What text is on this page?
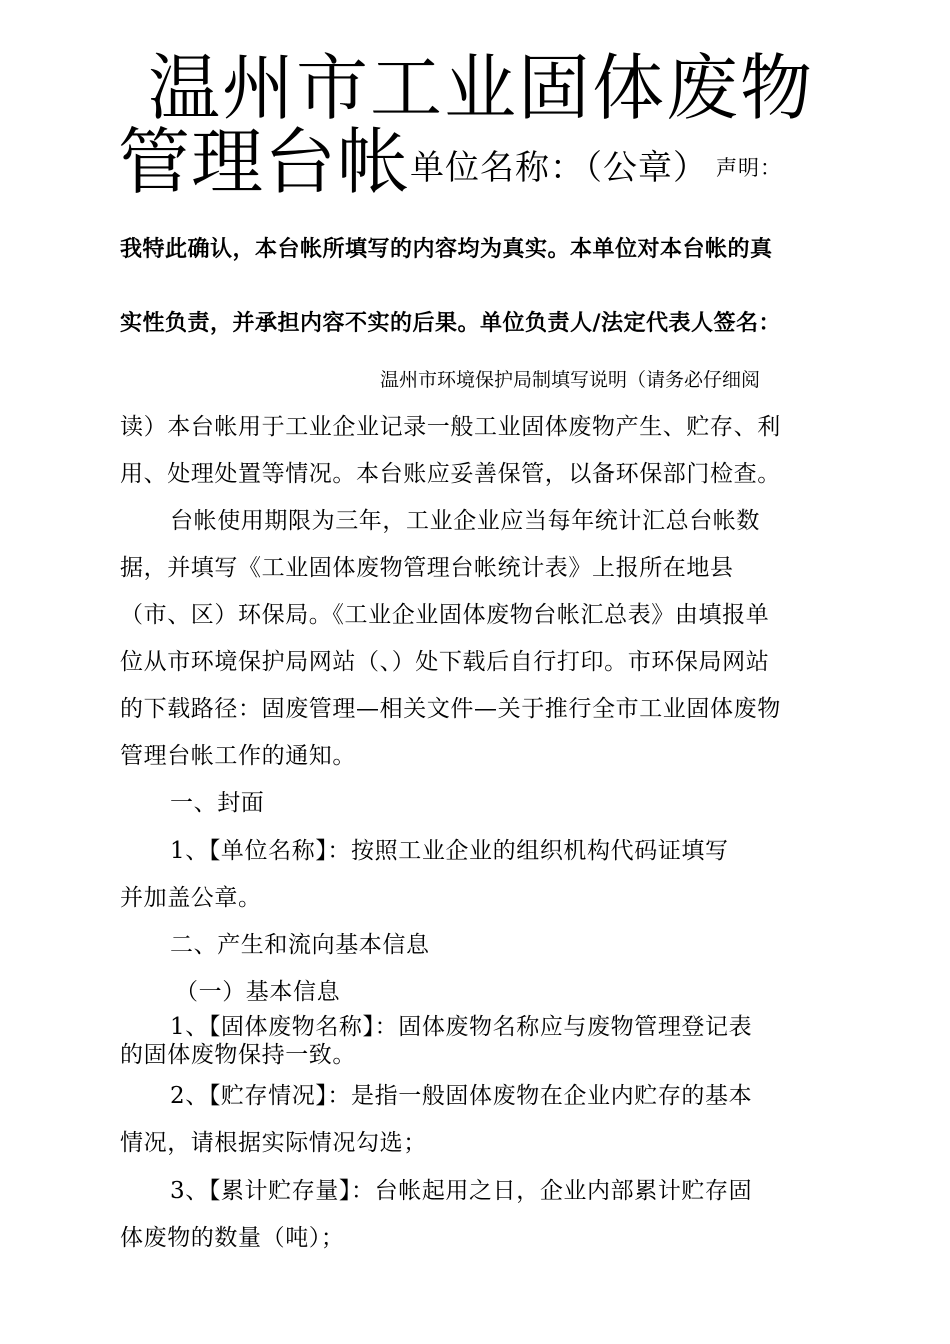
温州市工业固体废物
管理台帐单位名称：（公章） 声明：
我特此确认，本台帐所填写的内容均为真实。本单位对本台帐的真
实性负责，并承担内容不实的后果。单位负责人/法定代表人签名：
温州市环境保护局制填写说明（请务必仔细阅
读）本台帐用于工业企业记录一般工业固体废物产生、贮存、利
用、处理处置等情况。本台账应妥善保管，以备环保部门检查。
台帐使用期限为三年，工业企业应当每年统计汇总台帐数
据，并填写《工业固体废物管理台帐统计表》上报所在地县
（市、区）环保局。《工业企业固体废物台帐汇总表》由填报单
位从市环境保护局网站（、）处下载后自行打印。市环保局网站
的下载路径：固废管理—相关文件—关于推行全市工业固体废物
管理台帐工作的通知。
一、封面
1、【单位名称】：按照工业企业的组织机构代码证填写
并加盖公章。
二、产生和流向基本信息
（一）基本信息
1、【固体废物名称】：固体废物名称应与废物管理登记表
的固体废物保持一致。
2、【贮存情况】：是指一般固体废物在企业内贮存的基本
情况，请根据实际情况勾选；
3、【累计贮存量】：台帐起用之日，企业内部累计贮存固
体废物的数量（吨）；
